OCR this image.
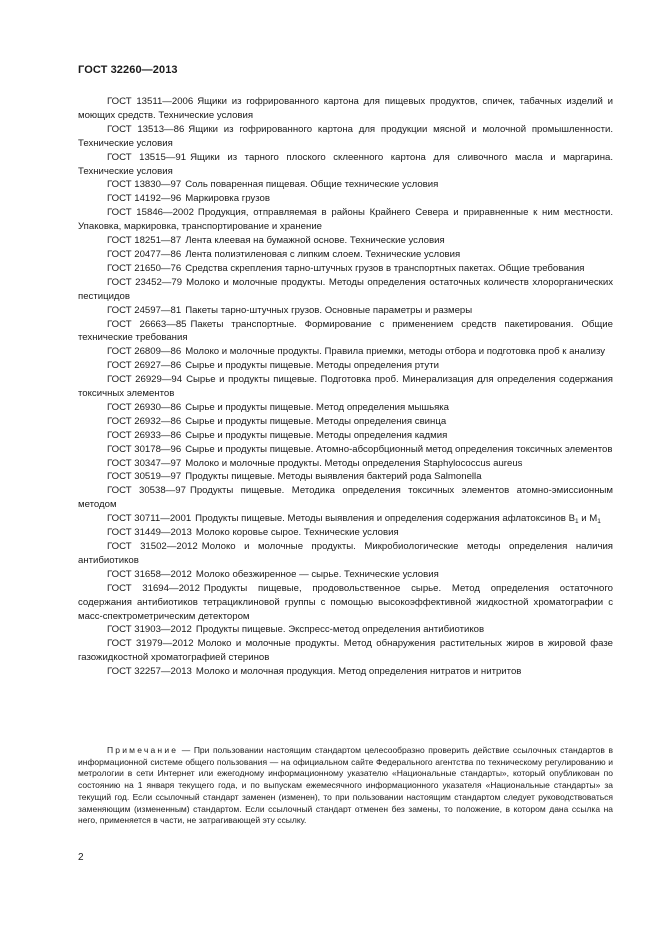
ГОСТ 32260—2013

ГОСТ 13511—2006 Ящики из гофрированного картона для пищевых продуктов, спичек, табачных изделий и моющих средств. Технические условия

ГОСТ 13513—86 Ящики из гофрированного картона для продукции мясной и молочной промышленности. Технические условия

ГОСТ 13515—91 Ящики из тарного плоского склеенного картона для сливочного масла и маргарина. Технические условия

ГОСТ 13830—97 Соль поваренная пищевая. Общие технические условия

ГОСТ 14192—96 Маркировка грузов

ГОСТ 15846—2002 Продукция, отправляемая в районы Крайнего Севера и приравненные к ним местности. Упаковка, маркировка, транспортирование и хранение

ГОСТ 18251—87 Лента клеевая на бумажной основе. Технические условия

ГОСТ 20477—86 Лента полиэтиленовая с липким слоем. Технические условия

ГОСТ 21650—76 Средства скрепления тарно-штучных грузов в транспортных пакетах. Общие требования

ГОСТ 23452—79 Молоко и молочные продукты. Методы определения остаточных количеств хлорорганических пестицидов

ГОСТ 24597—81 Пакеты тарно-штучных грузов. Основные параметры и размеры

ГОСТ 26663—85 Пакеты транспортные. Формирование с применением средств пакетирования. Общие технические требования

ГОСТ 26809—86 Молоко и молочные продукты. Правила приемки, методы отбора и подготовка проб к анализу

ГОСТ 26927—86 Сырье и продукты пищевые. Методы определения ртути

ГОСТ 26929—94 Сырье и продукты пищевые. Подготовка проб. Минерализация для определения содержания токсичных элементов

ГОСТ 26930—86 Сырье и продукты пищевые. Метод определения мышьяка

ГОСТ 26932—86 Сырье и продукты пищевые. Методы определения свинца

ГОСТ 26933—86 Сырье и продукты пищевые. Методы определения кадмия

ГОСТ 30178—96 Сырье и продукты пищевые. Атомно-абсорбционный метод определения токсичных элементов

ГОСТ 30347—97 Молоко и молочные продукты. Методы определения Staphylococcus aureus

ГОСТ 30519—97 Продукты пищевые. Методы выявления бактерий рода Salmonella

ГОСТ 30538—97 Продукты пищевые. Методика определения токсичных элементов атомно-эмиссионным методом

ГОСТ 30711—2001 Продукты пищевые. Методы выявления и определения содержания афлатоксинов $B_1$ и $M_1$

ГОСТ 31449—2013 Молоко коровье сырое. Технические условия

ГОСТ 31502—2012 Молоко и молочные продукты. Микробиологические методы определения наличия антибиотиков

ГОСТ 31658—2012 Молоко обезжиренное — сырье. Технические условия

ГОСТ 31694—2012 Продукты пищевые, продовольственное сырье. Метод определения остаточного содержания антибиотиков тетрациклиновой группы с помощью высокоэффективной жидкостной хроматографии с масс-спектрометрическим детектором

ГОСТ 31903—2012 Продукты пищевые. Экспресс-метод определения антибиотиков

ГОСТ 31979—2012 Молоко и молочные продукты. Метод обнаружения растительных жиров в жировой фазе газожидкостной хроматографией стеринов

ГОСТ 32257—2013 Молоко и молочная продукция. Метод определения нитратов и нитритов

Примечание — При пользовании настоящим стандартом целесообразно проверить действие ссылочных стандартов в информационной системе общего пользования — на официальном сайте Федерального агентства по техническому регулированию и метрологии в сети Интернет или ежегодному информационному указателю «Национальные стандарты», который опубликован по состоянию на 1 января текущего года, и по выпускам ежемесячного информационного указателя «Национальные стандарты» за текущий год. Если ссылочный стандарт заменен (изменен), то при пользовании настоящим стандартом следует руководствоваться заменяющим (измененным) стандартом. Если ссылочный стандарт отменен без замены, то положение, в котором дана ссылка на него, применяется в части, не затрагивающей эту ссылку.
2
